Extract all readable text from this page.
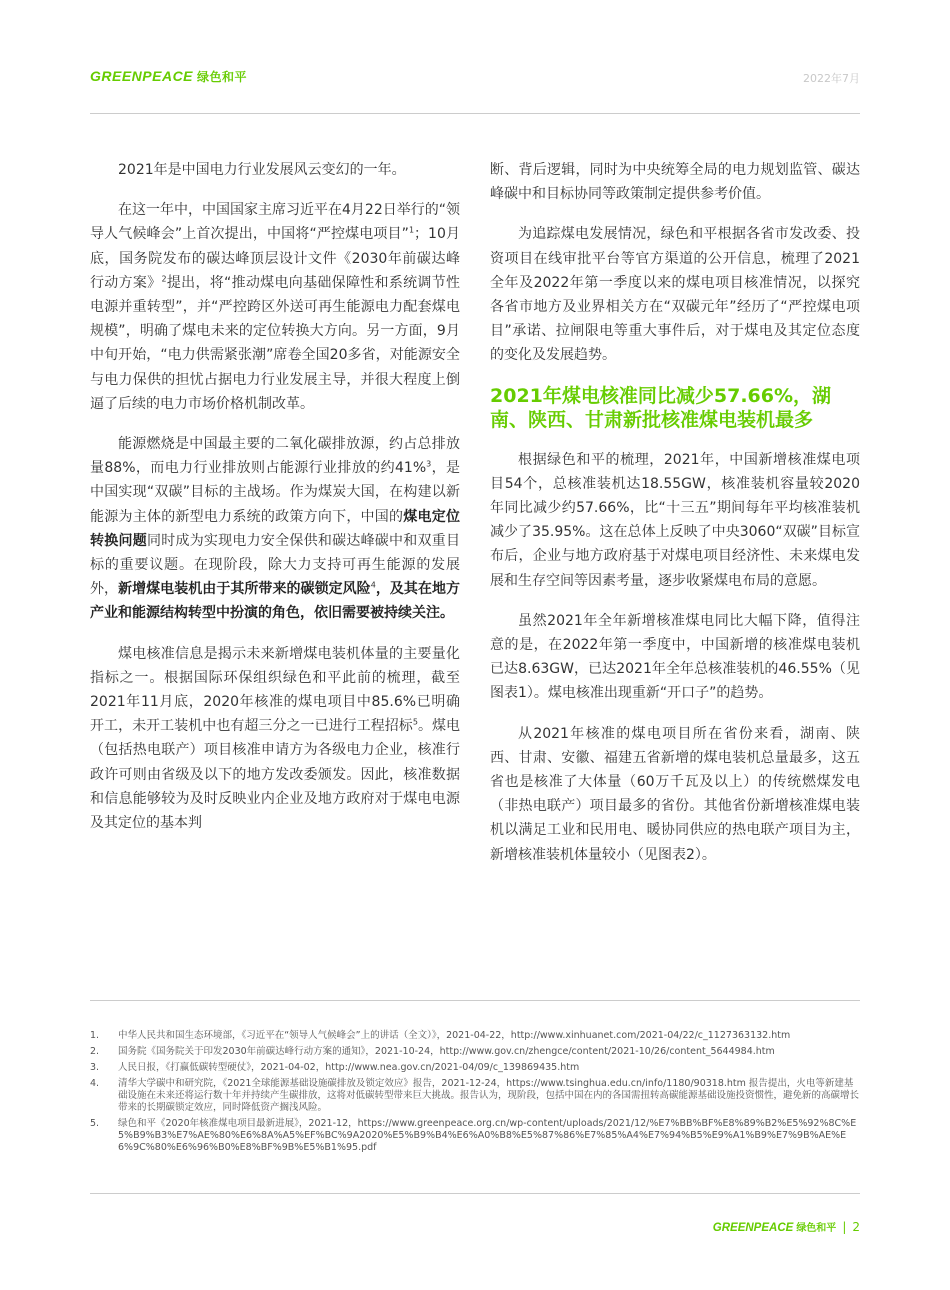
GREENPEACE 绿色和平	2022年7月

2021年是中国电力行业发展风云变幻的一年。

在这一年中，中国国家主席习近平在4月22日举行的“领导人气候峰会”上首次提出，中国将“严控煤电项目”$^1$；10月底，国务院发布的碳达峰顶层设计文件《2030年前碳达峰行动方案》$^2$提出，将“推动煤电向基础保障性和系统调节性电源并重转型”，并“严控跨区外送可再生能源电力配套煤电规模”，明确了煤电未来的定位转换大方向。另一方面，9月中旬开始，“电力供需紧张潮”席卷全国20多省，对能源安全与电力保供的担忧占据电力行业发展主导，并很大程度上倒逼了后续的电力市场价格机制改革。

能源燃烧是中国最主要的二氧化碳排放源，约占总排放量88%，而电力行业排放则占能源行业排放的约41%$^3$，是中国实现“双碳”目标的主战场。作为煤炭大国，在构建以新能源为主体的新型电力系统的政策方向下，中国的煤电定位转换问题同时成为实现电力安全保供和碳达峰碳中和双重目标的重要议题。在现阶段，除大力支持可再生能源的发展外，新增煤电装机由于其所带来的碳锁定风险$^4$，及其在地方产业和能源结构转型中扮演的角色，依旧需要被持续关注。

煤电核准信息是揭示未来新增煤电装机体量的主要量化指标之一。根据国际环保组织绿色和平此前的梳理，截至2021年11月底，2020年核准的煤电项目中85.6%已明确开工，未开工装机中也有超三分之一已进行工程招标$^5$。煤电（包括热电联产）项目核准申请方为各级电力企业，核准行政许可则由省级及以下的地方发改委颁发。因此，核准数据和信息能够较为及时反映业内企业及地方政府对于煤电电源及其定位的基本判

断、背后逻辑，同时为中央统筹全局的电力规划监管、碳达峰碳中和目标协同等政策制定提供参考价值。

为追踪煤电发展情况，绿色和平根据各省市发改委、投资项目在线审批平台等官方渠道的公开信息，梳理了2021全年及2022年第一季度以来的煤电项目核准情况，以探究各省市地方及业界相关方在“双碳元年”经历了“严控煤电项目”承诺、拉闸限电等重大事件后，对于煤电及其定位态度的变化及发展趋势。

2021年煤电核准同比减少57.66%，湖南、陕西、甘肃新批核准煤电装机最多

根据绿色和平的梳理，2021年，中国新增核准煤电项目54个，总核准装机达18.55GW，核准装机容量较2020年同比减少约57.66%，比“十三五”期间每年平均核准装机减少了35.95%。这在总体上反映了中央3060“双碳”目标宣布后，企业与地方政府基于对煤电项目经济性、未来煤电发展和生存空间等因素考量，逐步收紧煤电布局的意愿。

虽然2021年全年新增核准煤电同比大幅下降，值得注意的是，在2022年第一季度中，中国新增的核准煤电装机已达8.63GW，已达2021年全年总核准装机的46.55%（见图表1）。煤电核准出现重新“开口子”的趋势。

从2021年核准的煤电项目所在省份来看，湖南、陕西、甘肃、安徽、福建五省新增的煤电装机总量最多，这五省也是核准了大体量（60万千瓦及以上）的传统燃煤发电（非热电联产）项目最多的省份。其他省份新增核准煤电装机以满足工业和民用电、暖协同供应的热电联产项目为主，新增核准装机体量较小（见图表2）。

1.	中华人民共和国生态环境部，《习近平在“领导人气候峰会”上的讲话（全文）》，2021-04-22，http://www.xinhuanet.com/2021-04/22/c_1127363132.htm
2.	国务院《国务院关于印发2030年前碳达峰行动方案的通知》，2021-10-24，http://www.gov.cn/zhengce/content/2021-10/26/content_5644984.htm
3.	人民日报，《打赢低碳转型硬仗》，2021-04-02，http://www.nea.gov.cn/2021-04/09/c_139869435.htm
4.	清华大学碳中和研究院，《2021全球能源基础设施碳排放及锁定效应》报告，2021-12-24，https://www.tsinghua.edu.cn/info/1180/90318.htm 报告提出，火电等新建基础设施在未来还将运行数十年并持续产生碳排放，这将对低碳转型带来巨大挑战。报告认为，现阶段，包括中国在内的各国需扭转高碳能源基础设施投资惯性，避免新的高碳增长带来的长期碳锁定效应，同时降低资产搁浅风险。
5.	绿色和平《2020年核准煤电项目最新进展》，2021-12，https://www.greenpeace.org.cn/wp-content/uploads/2021/12/%E7%BB%BF%E8%89%B2%E5%92%8C%E5%B9%B3%E7%AE%80%E6%8A%A5%EF%BC%9A2020%E5%B9%B4%E6%A0%B8%E5%87%86%E7%85%A4%E7%94%B5%E9%A1%B9%E7%9B%AE%E6%9C%80%E6%96%B0%E8%BF%9B%E5%B1%95.pdf
GREENPEACE 绿色和平 | 2
